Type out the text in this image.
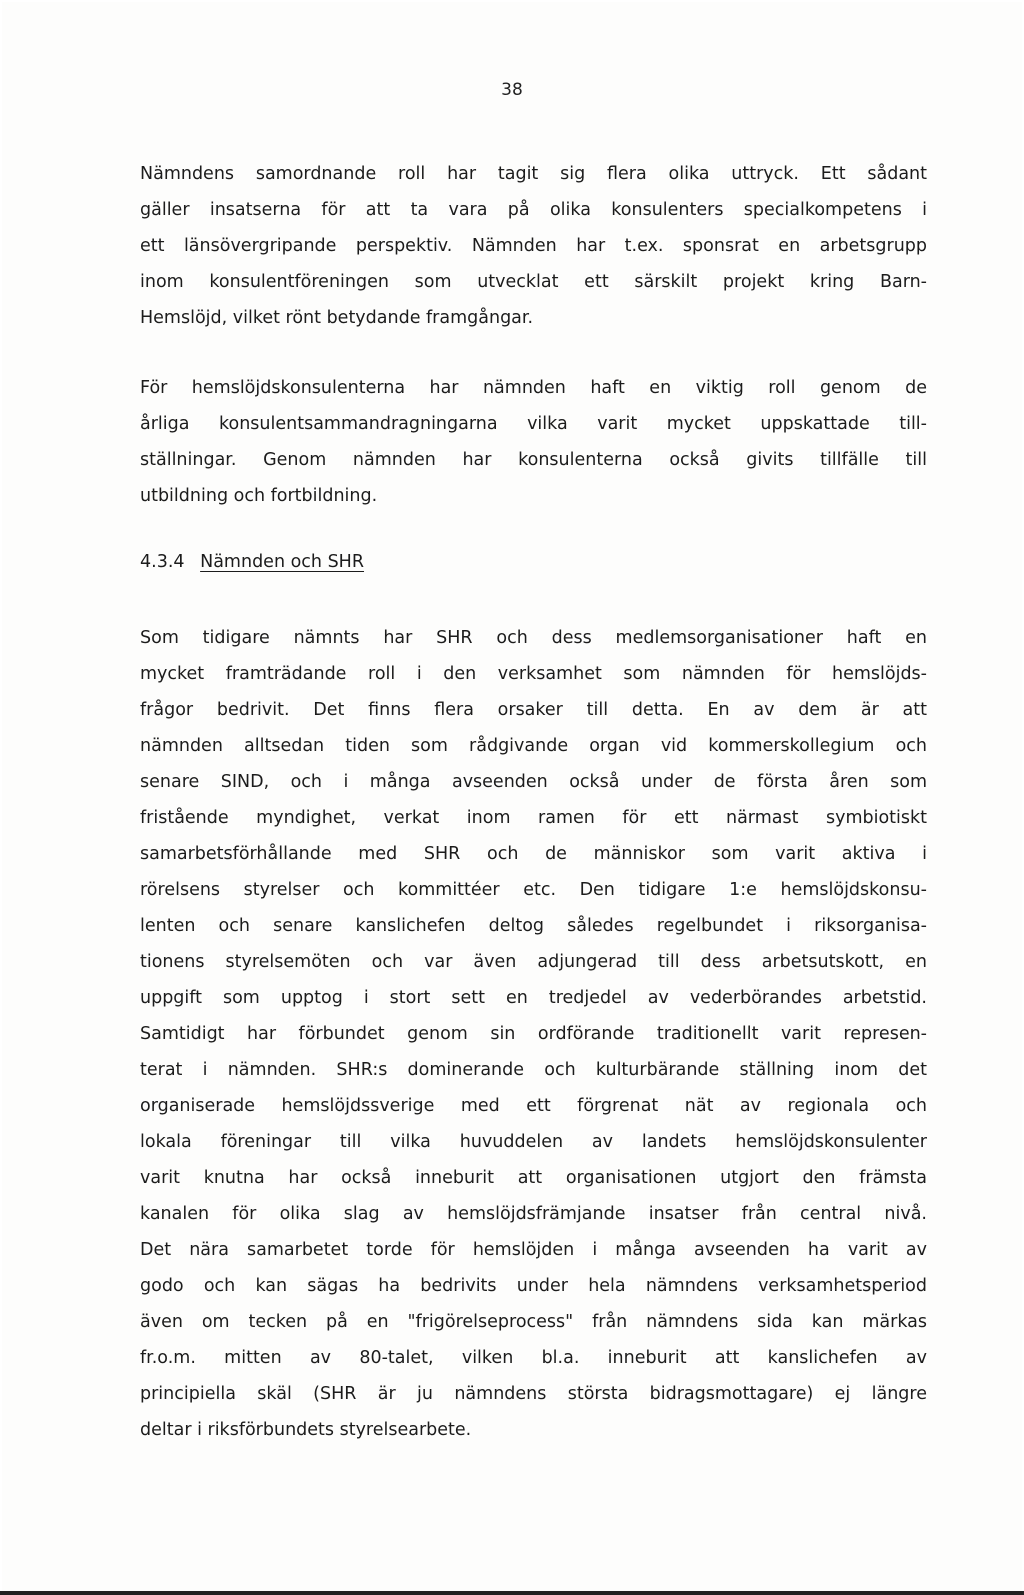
38
Nämndens samordnande roll har tagit sig flera olika uttryck. Ett sådant
gäller insatserna för att ta vara på olika konsulenters specialkompetens i
ett länsövergripande perspektiv. Nämnden har t.ex. sponsrat en arbetsgrupp
inom konsulentföreningen som utvecklat ett särskilt projekt kring Barn-
Hemslöjd, vilket rönt betydande framgångar.
För hemslöjdskonsulenterna har nämnden haft en viktig roll genom de
årliga konsulentsammandragningarna vilka varit mycket uppskattade till-
ställningar. Genom nämnden har konsulenterna också givits tillfälle till
utbildning och fortbildning.
4.3.4 Nämnden och SHR
Som tidigare nämnts har SHR och dess medlemsorganisationer haft en
mycket framträdande roll i den verksamhet som nämnden för hemslöjds-
frågor bedrivit. Det finns flera orsaker till detta. En av dem är att
nämnden alltsedan tiden som rådgivande organ vid kommerskollegium och
senare SIND, och i många avseenden också under de första åren som
fristående myndighet, verkat inom ramen för ett närmast symbiotiskt
samarbetsförhållande med SHR och de människor som varit aktiva i
rörelsens styrelser och kommittéer etc. Den tidigare 1:e hemslöjdskonsu-
lenten och senare kanslichefen deltog således regelbundet i riksorganisa-
tionens styrelsemöten och var även adjungerad till dess arbetsutskott, en
uppgift som upptog i stort sett en tredjedel av vederbörandes arbetstid.
Samtidigt har förbundet genom sin ordförande traditionellt varit represen-
terat i nämnden. SHR:s dominerande och kulturbärande ställning inom det
organiserade hemslöjdssverige med ett förgrenat nät av regionala och
lokala föreningar till vilka huvuddelen av landets hemslöjdskonsulenter
varit knutna har också inneburit att organisationen utgjort den främsta
kanalen för olika slag av hemslöjdsfrämjande insatser från central nivå.
Det nära samarbetet torde för hemslöjden i många avseenden ha varit av
godo och kan sägas ha bedrivits under hela nämndens verksamhetsperiod
även om tecken på en "frigörelseprocess" från nämndens sida kan märkas
fr.o.m. mitten av 80-talet, vilken bl.a. inneburit att kanslichefen av
principiella skäl (SHR är ju nämndens största bidragsmottagare) ej längre
deltar i riksförbundets styrelsearbete.
